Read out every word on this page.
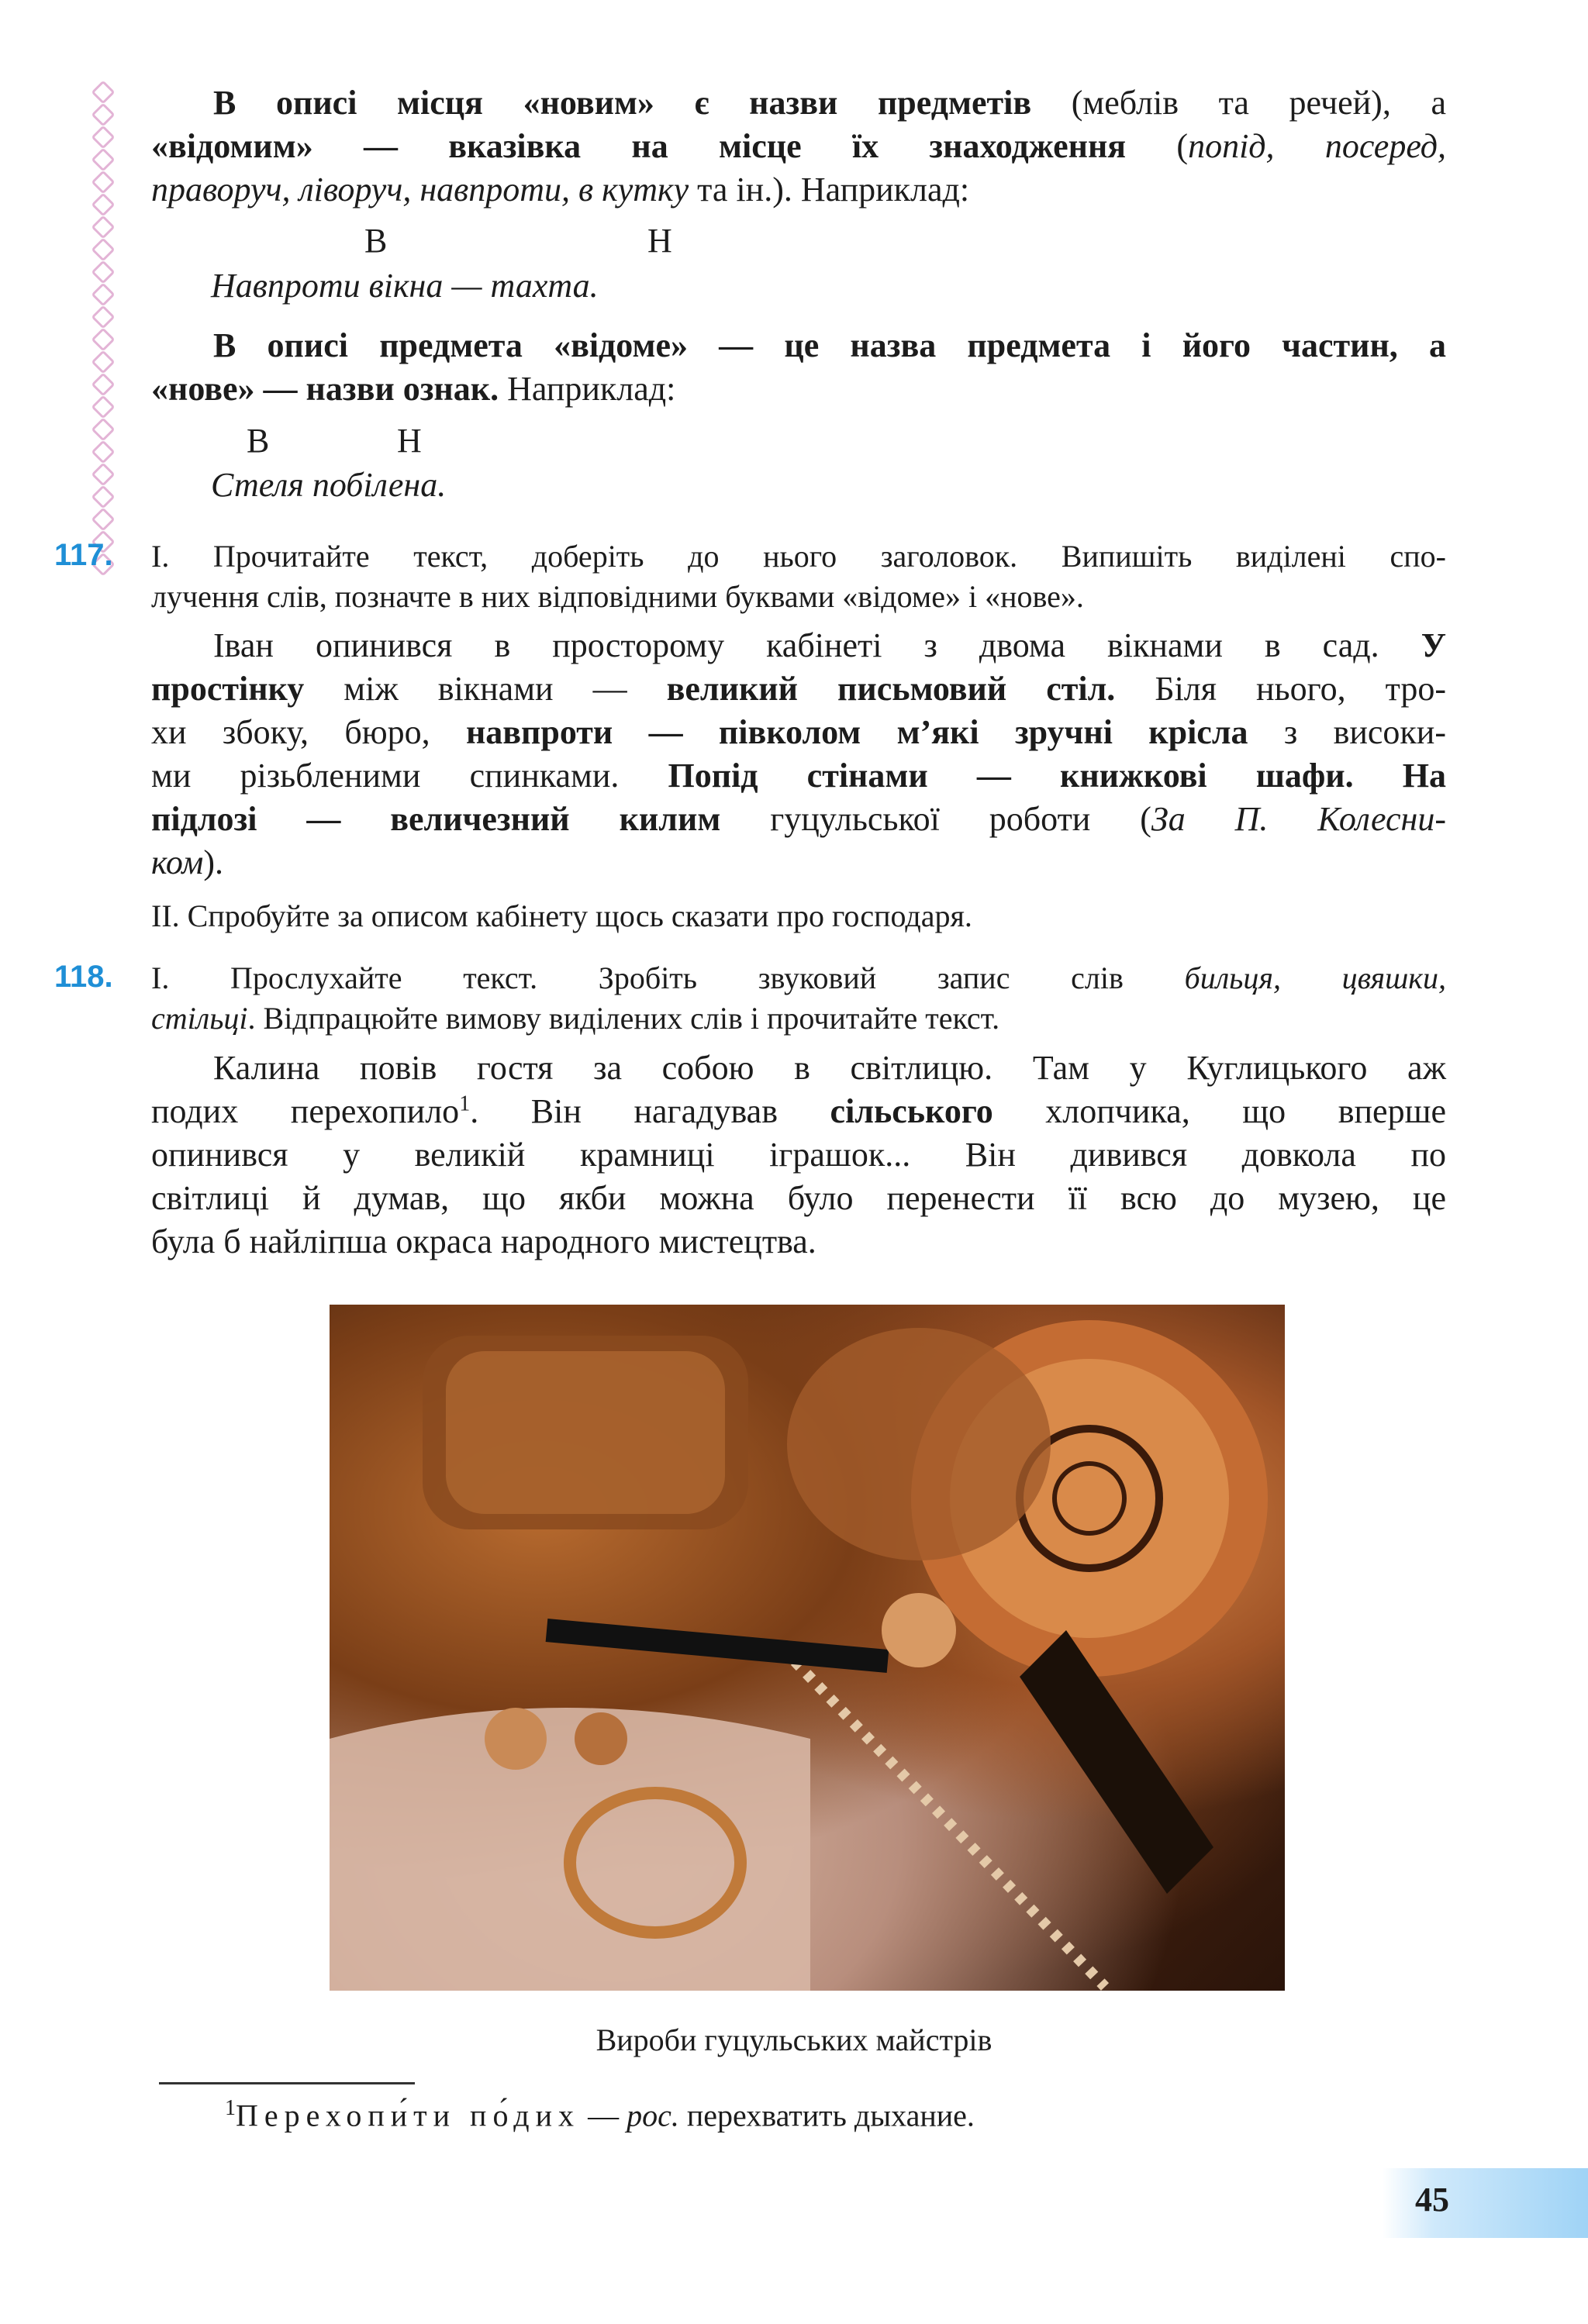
В описі місця «новим» є назви предметів (меблів та речей), а
«відомим» — вказівка на місце їх знаходження (попід, посеред,
праворуч, ліворуч, навпроти, в кутку та ін.). Наприклад:
В	Н
Навпроти вікна — тахта.
В описі предмета «відоме» — це назва предмета і його частин, а
«нове» — назви ознак. Наприклад:
В	Н
Стеля побілена.
117. I. Прочитайте текст, доберіть до нього заголовок. Випишіть виділені спо-
лучення слів, позначте в них відповідними буквами «відоме» і «нове».
Іван опинився в просторому кабінеті з двома вікнами в сад. У
простінку між вікнами — великий письмовий стіл. Біля нього, тро-
хи збоку, бюро, навпроти — півколом м’які зручні крісла з високи-
ми різьбленими спинками. Попід стінами — книжкові шафи. На
підлозі — величезний килим гуцульської роботи (За П. Колесни-
ком).
II. Спробуйте за описом кабінету щось сказати про господаря.
118. I. Прослухайте текст. Зробіть звуковий запис слів бильця, цвяшки,
стільці. Відпрацюйте вимову виділених слів і прочитайте текст.
Калина повів гостя за собою в світлицю. Там у Куглицького аж
подих перехопило$^1$. Він нагадував сільського хлопчика, що вперше
опинився у великій крамниці іграшок... Він дивився довкола по
світлиці й думав, що якби можна було перенести її всю до музею, це
була б найліпша окраса народного мистецтва.
Вироби гуцульських майстрів
$^1$Перехопи́ти по́дих — рос. перехватить дыхание.
45
